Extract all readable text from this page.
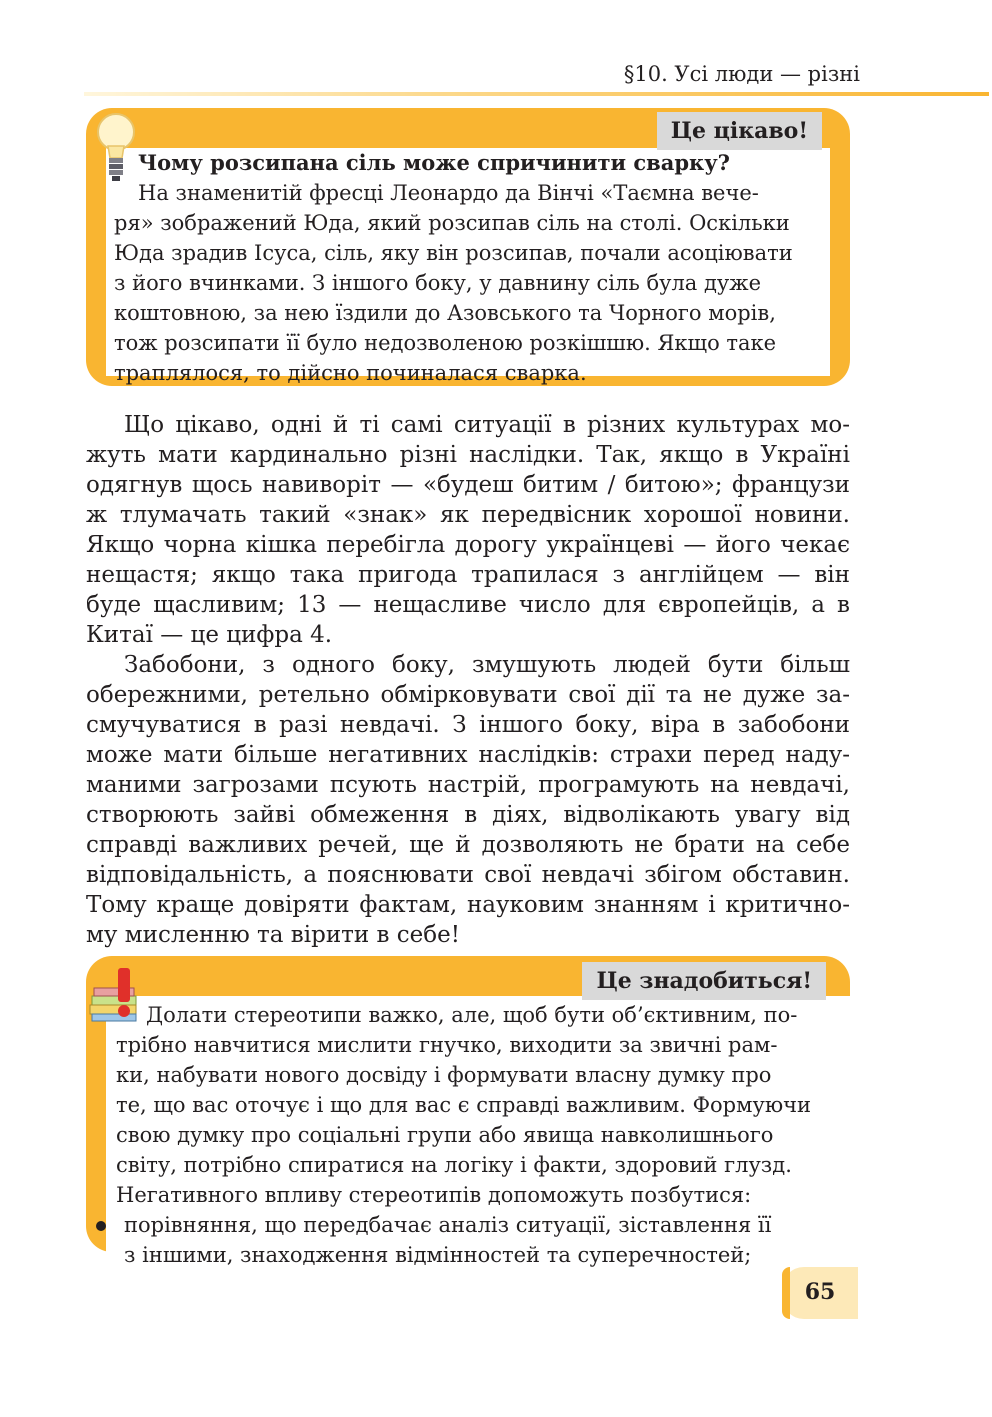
§10. Усі люди — різні
Це цікаво!

Чому розсипана сіль може спричинити сварку?

На знаменитій фресці Леонардо да Вінчі «Таємна вече-

ря» зображений Юда, який розсипав сіль на столі. Оскільки

Юда зрадив Ісуса, сіль, яку він розсипав, почали асоціювати

з його вчинками. З іншого боку, у давнину сіль була дуже

коштовною, за нею їздили до Азовського та Чорного морів,

тож розсипати її було недозволеною розкішшю. Якщо таке

траплялося, то дійсно починалася сварка.

Що цікаво, одні й ті самі ситуації в різних культурах мо- жуть мати кардинально різні наслідки. Так, якщо в Україні одягнув щось навиворіт — «будеш битим / битою»; французи ж тлумачать такий «знак» як передвісник хорошої новини. Якщо чорна кішка перебігла дорогу українцеві — його чекає нещастя; якщо така пригода трапилася з англійцем — він буде щасливим; 13 — нещасливе число для європейців, а в Китаї — це цифра 4.

Забобони, з одного боку, змушують людей бути більш обережними, ретельно обмірковувати свої дії та не дуже за- смучуватися в разі невдачі. З іншого боку, віра в забобони може мати більше негативних наслідків: страхи перед наду- маними загрозами псують настрій, програмують на невдачі, створюють зайві обмеження в діях, відволікають увагу від справді важливих речей, ще й дозволяють не брати на себе відповідальність, а пояснювати свої невдачі збігом обставин. Тому краще довіряти фактам, науковим знанням і критично- му мисленню та вірити в себе!

Це знадобиться!

Долати стереотипи важко, але, щоб бути об’єктивним, по-

трібно навчитися мислити гнучко, виходити за звичні рам-

ки, набувати нового досвіду і формувати власну думку про

те, що вас оточує і що для вас є справді важливим. Формуючи

свою думку про соціальні групи або явища навколишнього

світу, потрібно спиратися на логіку і факти, здоровий глузд.

Негативного впливу стереотипів допоможуть позбутися:

порівняння, що передбачає аналіз ситуації, зіставлення її
з іншими, знаходження відмінностей та суперечностей;
65
